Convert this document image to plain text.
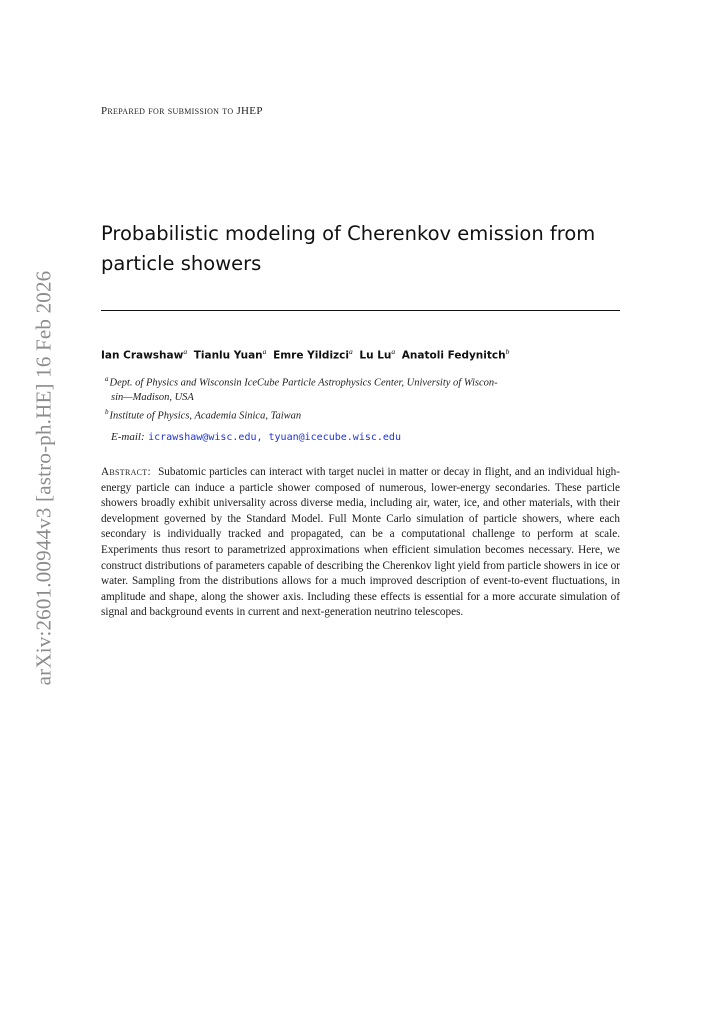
arXiv:2601.00944v3 [astro-ph.HE] 16 Feb 2026
Prepared for submission to JHEP
Probabilistic modeling of Cherenkov emission from particle showers
Ian Crawshaw$^a$ Tianlu Yuan$^a$ Emre Yildizci$^a$ Lu Lu$^a$ Anatoli Fedynitch$^b$
$^a$Dept. of Physics and Wisconsin IceCube Particle Astrophysics Center, University of Wiscon-
sin—Madison, USA
$^b$Institute of Physics, Academia Sinica, Taiwan
E-mail: icrawshaw@wisc.edu, tyuan@icecube.wisc.edu

Abstract: Subatomic particles can interact with target nuclei in matter or decay in flight, and an individual high-energy particle can induce a particle shower composed of numerous, lower-energy secondaries. These particle showers broadly exhibit universality across diverse media, including air, water, ice, and other materials, with their development governed by the Standard Model. Full Monte Carlo simulation of particle showers, where each secondary is individually tracked and propagated, can be a computational challenge to perform at scale. Experiments thus resort to parametrized approximations when efficient simulation becomes necessary. Here, we construct distributions of parameters capable of describing the Cherenkov light yield from particle showers in ice or water. Sampling from the distributions allows for a much improved description of event-to-event fluctuations, in amplitude and shape, along the shower axis. Including these effects is essential for a more accurate simulation of signal and background events in current and next-generation neutrino telescopes.
